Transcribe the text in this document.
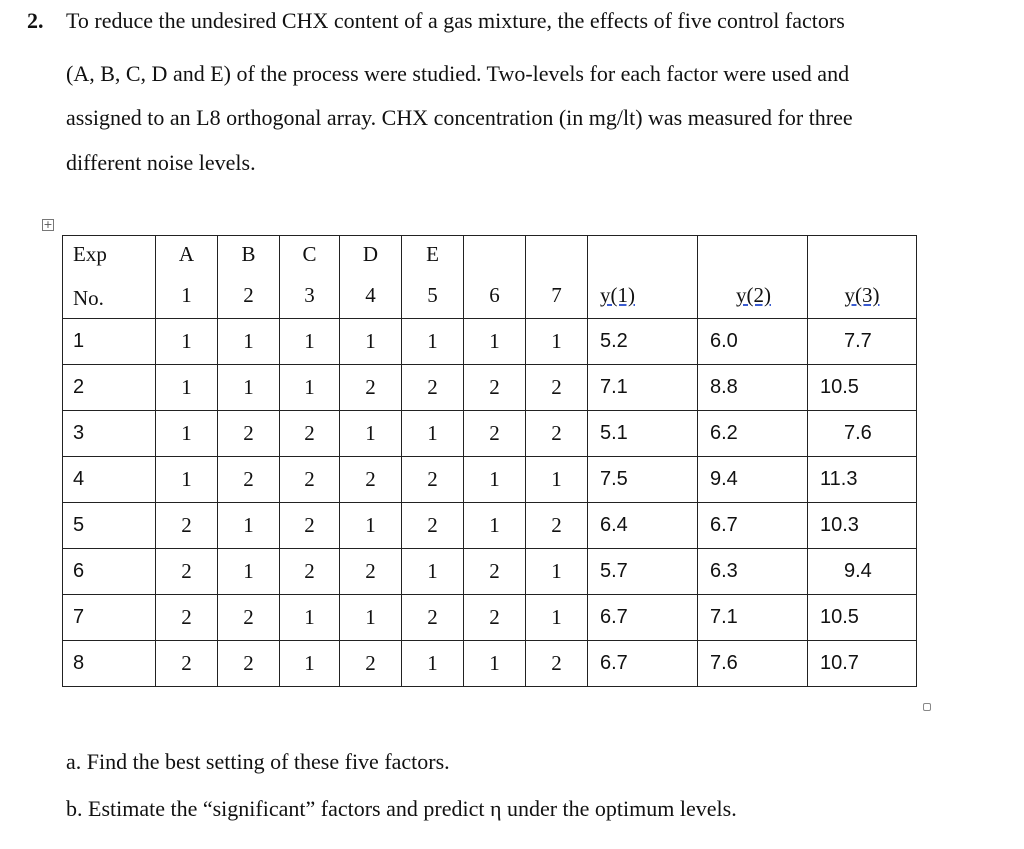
2. To reduce the undesired CHX content of a gas mixture, the effects of five control factors
(A, B, C, D and E) of the process were studied. Two-levels for each factor were used and
assigned to an L8 orthogonal array. CHX concentration (in mg/lt) was measured for three
different noise levels.
+
Exp
No.	A	B	C	D	E					
	1	2	3	4	5	6	7	y(1)	y(2)	y(3)
1	1	1	1	1	1	1	1	5.2	6.0	7.7
2	1	1	1	2	2	2	2	7.1	8.8	10.5
3	1	2	2	1	1	2	2	5.1	6.2	7.6
4	1	2	2	2	2	1	1	7.5	9.4	11.3
5	2	1	2	1	2	1	2	6.4	6.7	10.3
6	2	1	2	2	1	2	1	5.7	6.3	9.4
7	2	2	1	1	2	2	1	6.7	7.1	10.5
8	2	2	1	2	1	1	2	6.7	7.6	10.7
a. Find the best setting of these five factors.
b. Estimate the “significant” factors and predict η under the optimum levels.
